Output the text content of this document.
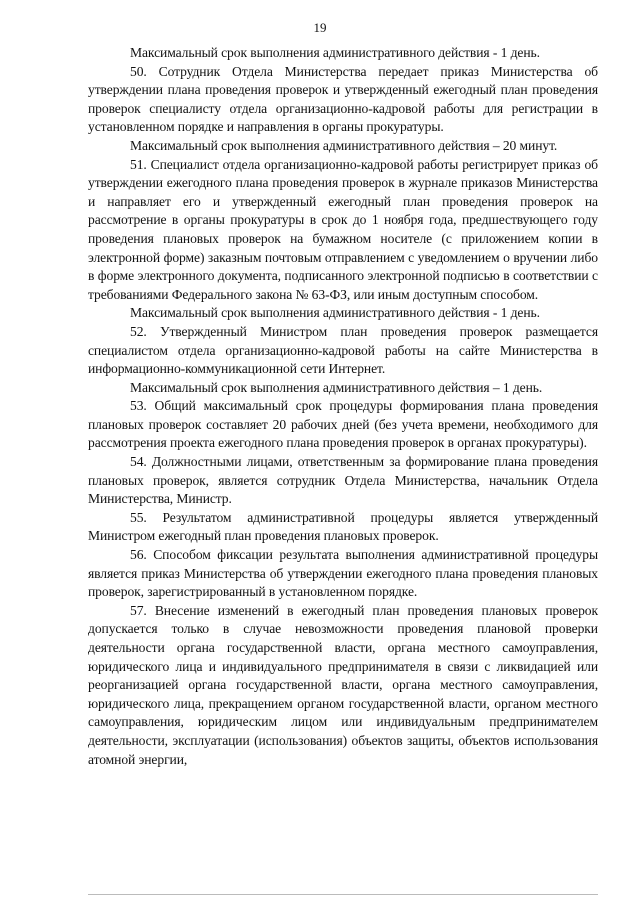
19

Максимальный срок выполнения административного действия - 1 день.

50. Сотрудник Отдела Министерства передает приказ Министерства об утверждении плана проведения проверок и утвержденный ежегодный план проведения проверок специалисту отдела организационно-кадровой работы для регистрации в установленном порядке и направления в органы прокуратуры.

Максимальный срок выполнения административного действия – 20 минут.

51. Специалист отдела организационно-кадровой работы регистрирует приказ об утверждении ежегодного плана проведения проверок в журнале приказов Министерства и направляет его и утвержденный ежегодный план проведения проверок на рассмотрение в органы прокуратуры в срок до 1 ноября года, предшествующего году проведения плановых проверок на бумажном носителе (с приложением копии в электронной форме) заказным почтовым отправлением с уведомлением о вручении либо в форме электронного документа, подписанного электронной подписью в соответствии с требованиями Федерального закона № 63-ФЗ, или иным доступным способом.

Максимальный срок выполнения административного действия - 1 день.

52. Утвержденный Министром план проведения проверок размещается специалистом отдела организационно-кадровой работы на сайте Министерства в информационно-коммуникационной сети Интернет.

Максимальный срок выполнения административного действия – 1 день.

53. Общий максимальный срок процедуры формирования плана проведения плановых проверок составляет 20 рабочих дней (без учета времени, необходимого для рассмотрения проекта ежегодного плана проведения проверок в органах прокуратуры).

54. Должностными лицами, ответственным за формирование плана проведения плановых проверок, является сотрудник Отдела Министерства, начальник Отдела Министерства, Министр.

55. Результатом административной процедуры является утвержденный Министром ежегодный план проведения плановых проверок.

56. Способом фиксации результата выполнения административной процедуры является приказ Министерства об утверждении ежегодного плана проведения плановых проверок, зарегистрированный в установленном порядке.

57. Внесение изменений в ежегодный план проведения плановых проверок допускается только в случае невозможности проведения плановой проверки деятельности органа государственной власти, органа местного самоуправления, юридического лица и индивидуального предпринимателя в связи с ликвидацией или реорганизацией органа государственной власти, органа местного самоуправления, юридического лица, прекращением органом государственной власти, органом местного самоуправления, юридическим лицом или индивидуальным предпринимателем деятельности, эксплуатации (использования) объектов защиты, объектов использования атомной энергии,
